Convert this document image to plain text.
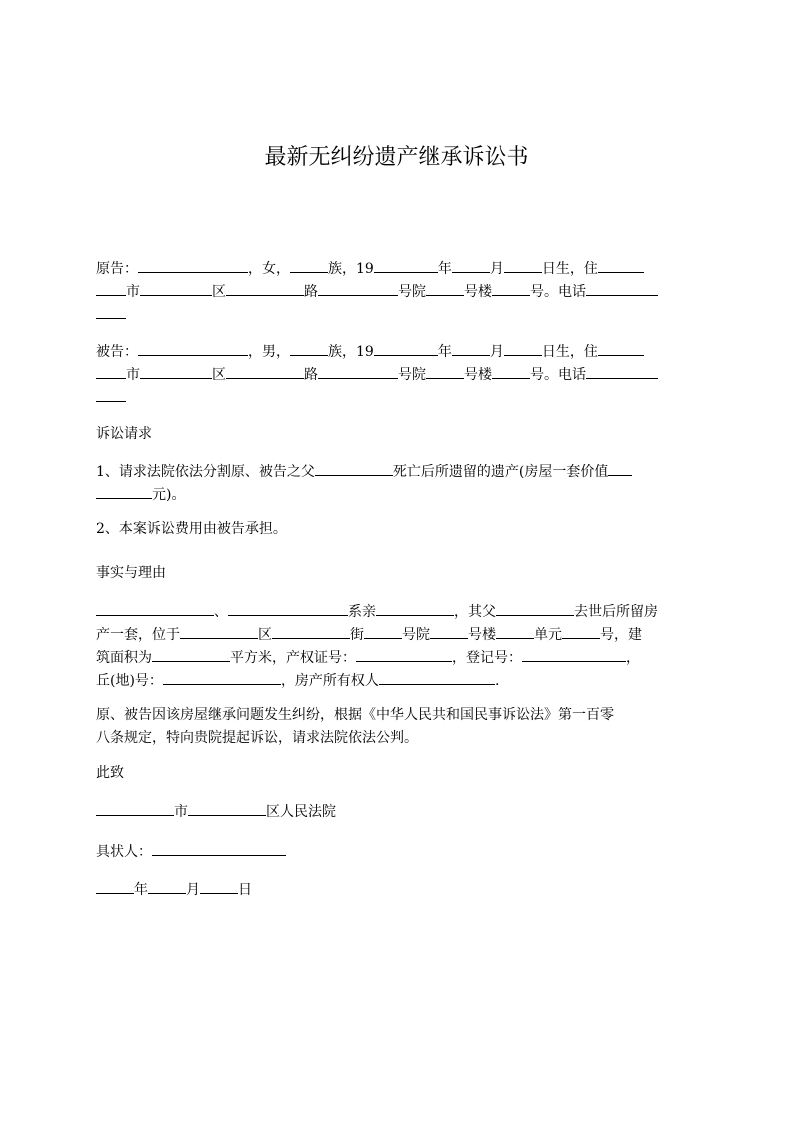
最新无纠纷遗产继承诉讼书
原告：	，女，	族，19	年	月	日生，住
市	区	路	号院	号楼	号。电话
被告：	，男，	族，19	年	月	日生，住
市	区	路	号院	号楼	号。电话
诉讼请求
1、请求法院依法分割原、被告之父	死亡后所遗留的遗产(房屋一套价值
元)。
2、本案诉讼费用由被告承担。
事实与理由
、	系亲	，其父	去世后所留房
产一套，位于	区	街	号院	号楼	单元	号，建
筑面积为	平方米，产权证号：	，登记号：	，
丘(地)号：	，房产所有权人	.
原、被告因该房屋继承问题发生纠纷，根据《中华人民共和国民事诉讼法》第一百零
八条规定，特向贵院提起诉讼，请求法院依法公判。
此致
市	区人民法院
具状人：
年	月	日
